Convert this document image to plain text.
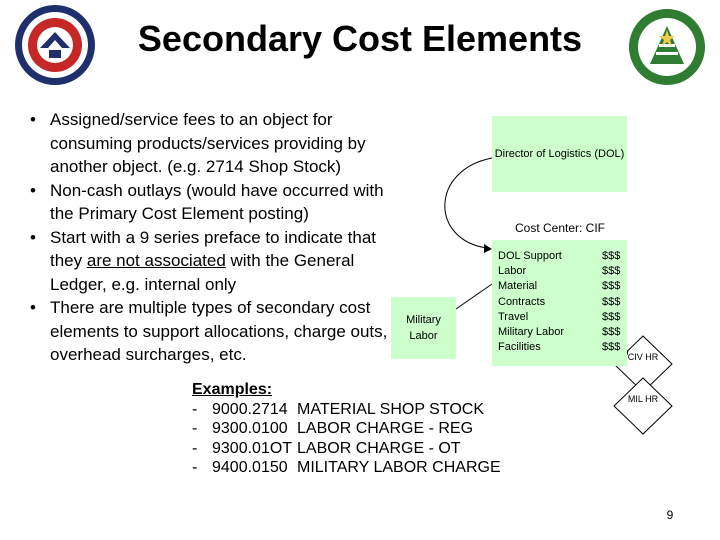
Secondary Cost Elements
• Assigned/service fees to an object for consuming products/services providing by another object. (e.g. 2714 Shop Stock)
• Non-cash outlays (would have occurred with the Primary Cost Element posting)
• Start with a 9 series preface to indicate that they are not associated with the General Ledger, e.g. internal only
• There are multiple types of secondary cost elements to support allocations, charge outs, overhead surcharges, etc.
Director of Logistics (DOL)
Cost Center: CIF
DOL Support
Labor
Material
Contracts
Travel
Military Labor
Facilities
$$$
$$$
$$$
$$$
$$$
$$$
$$$
Military Labor
CIV HR
MIL HR
Examples:
- 9000.2714 MATERIAL SHOP STOCK
- 9300.0100 LABOR CHARGE - REG
- 9300.01OT LABOR CHARGE - OT
- 9400.0150 MILITARY LABOR CHARGE
9
